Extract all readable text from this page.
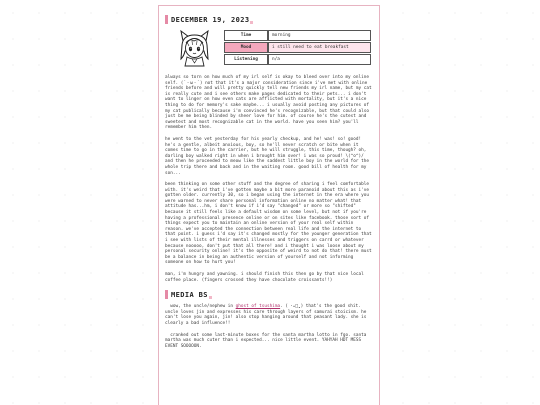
DECEMBER 19, 2023
Time	morning
Mood	i still need to eat breakfast
Listening	n/a

always so torn on how much of my irl self is okay to bleed over into my online self. (´・ω・`) not that it's a major consideration since i've met with online friends before and will pretty quickly tell new friends my irl name, but my cat is really cute and i see others make pages dedicated to their pets... i don't want to linger on how even cats are afflicted with mortality, but it's a nice thing to do for memory's sake maybe... i usually avoid posting any pictures of my cat publically because i'm convinced he's recognizable, but that could also just be me being blinded by sheer love for him. of course he's the cutest and sweetest and most recognizable cat in the world. have you seen him? you'll remember him then.

he went to the vet yesterday for his yearly checkup, and he! was! so! good! he's a gentle, albeit anxious, boy, so he'll never scratch or bite when it comes time to go in the carrier, but he will struggle, this time, though? oh, darling boy walked right in when i brought him over! i was so proud! \(^o^)/ and then he proceeded to meow like the saddest little boy in the world for the whole trip there and back and in the waiting room. good bill of health for my son...

been thinking on some other stuff and the degree of sharing i feel comfortable with. it's weird that i've gotten maybe a bit more paranoid about this as i've gotten older. currently 30, so i began using the internet in the era where you were warned to never share personal information online no matter what! that attitude has...hm, i don't know if i'd say "changed" or more so "shifted" because it still feels like a default wisdom on some level, but not if you're having a professional presence online or on sites like facebook. those sort of things expect you to maintain an online version of your real self within reason. we've accepted the connection between real life and the internet to that point. i guess i'd say it's changed mostly for the younger generation that i see with lists of their mental illnesses and triggers on carrd or whatever because nooooo, don't put that all there! and i thought i was loose about my personal security online! it's the opposite of weird to not do that! there must be a balance in being an authentic version of yourself and not informing someone on how to hurt you!

man, i'm hungry and yawning. i should finish this then go by that nice local coffee place. (fingers crossed they have chocolate croissants!!)

MEDIA BS

wow, the uncle/nephew in ghost of tsushima. ( ･ᴗ･̥̥̥ ) that's the good shit. uncle loves jin and expresses his care through layers of samurai stoicism. he can't lose you again, jin! also stop hanging around that peasant lady. she is clearly a bad influence!!

cranked out some last-minute boxes for the santa martha lotto in fgo. santa martha was much cuter than i expected... nice little event. YAHYAH HDT MESS EVENT SOOOOON.
